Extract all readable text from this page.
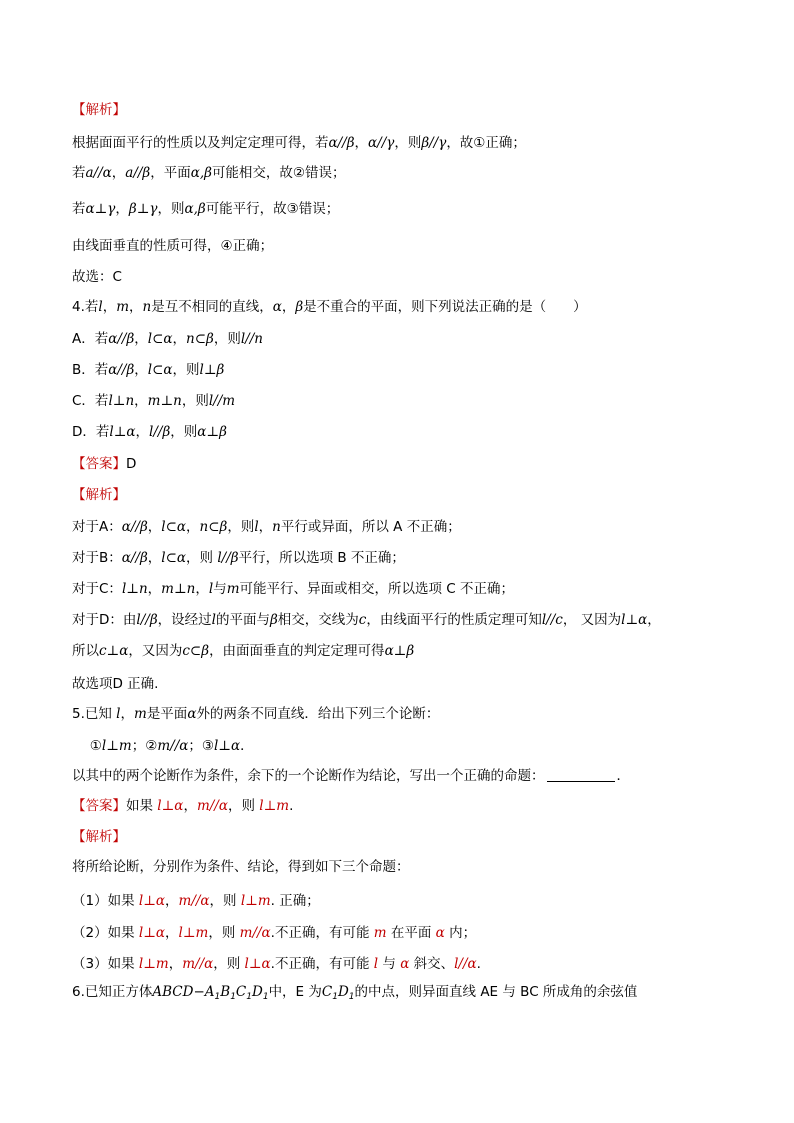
【解析】
根据面面平行的性质以及判定定理可得，若α//β，α//γ，则β//γ，故①正确；
若a//α，a//β，平面α,β可能相交，故②错误；
若α⊥γ，β⊥γ，则α,β可能平行，故③错误；
由线面垂直的性质可得，④正确；
故选：C
4.若l，m，n是互不相同的直线，α，β是不重合的平面，则下列说法正确的是（　　）
A．若α//β，l⊂α，n⊂β，则l//n
B．若α//β，l⊂α，则l⊥β
C．若l⊥n，m⊥n，则l//m
D．若l⊥α，l//β，则α⊥β
【答案】D
【解析】
对于A：α//β，l⊂α，n⊂β，则l，n平行或异面，所以 A 不正确；
对于B：α//β，l⊂α，则 l//β平行，所以选项 B 不正确；
对于C：l⊥n，m⊥n，l与m可能平行、异面或相交，所以选项 C 不正确；
对于D：由l//β，设经过l的平面与β相交，交线为c，由线面平行的性质定理可知l//c， 又因为l⊥α，
所以c⊥α，又因为c⊂β，由面面垂直的判定定理可得α⊥β
故选项D 正确.
5.已知 l，m是平面α外的两条不同直线．给出下列三个论断：
　 ①l⊥m；②m//α；③l⊥α．
以其中的两个论断作为条件，余下的一个论断作为结论，写出一个正确的命题：	．
【答案】如果 l⊥α，m//α，则 l⊥m.
【解析】
将所给论断，分别作为条件、结论，得到如下三个命题：
（1）如果 l⊥α，m//α，则 l⊥m. 正确；
（2）如果 l⊥α，l⊥m，则 m//α.不正确，有可能 m 在平面 α 内；
（3）如果 l⊥m，m//α，则 l⊥α.不正确，有可能 l 与 α 斜交、l//α.
6.已知正方体$ABCD-A_1B_1C_1D_1$中，E 为$C_1D_1$的中点，则异面直线 AE 与 BC 所成角的余弦值
